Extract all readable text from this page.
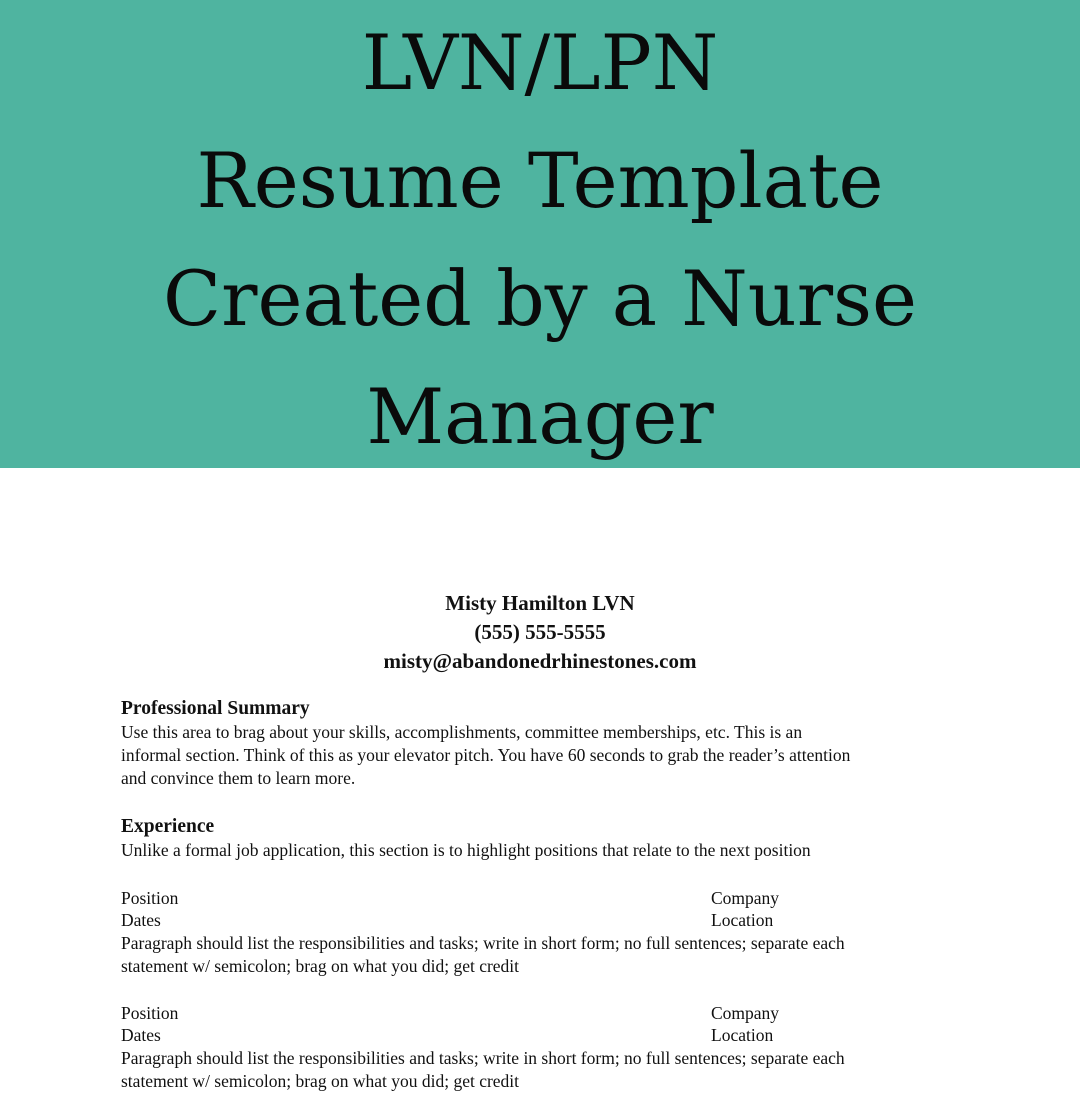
LVN/LPN
Resume Template
Created by a Nurse
Manager
Misty Hamilton LVN
(555) 555-5555
misty@abandonedrhinestones.com
Professional Summary
Use this area to brag about your skills, accomplishments, committee memberships, etc. This is an
informal section. Think of this as your elevator pitch. You have 60 seconds to grab the reader’s attention
and convince them to learn more.
Experience
Unlike a formal job application, this section is to highlight positions that relate to the next position
Position	Company
Dates	Location
Paragraph should list the responsibilities and tasks; write in short form; no full sentences; separate each
statement w/ semicolon; brag on what you did; get credit
Position	Company
Dates	Location
Paragraph should list the responsibilities and tasks; write in short form; no full sentences; separate each
statement w/ semicolon; brag on what you did; get credit
